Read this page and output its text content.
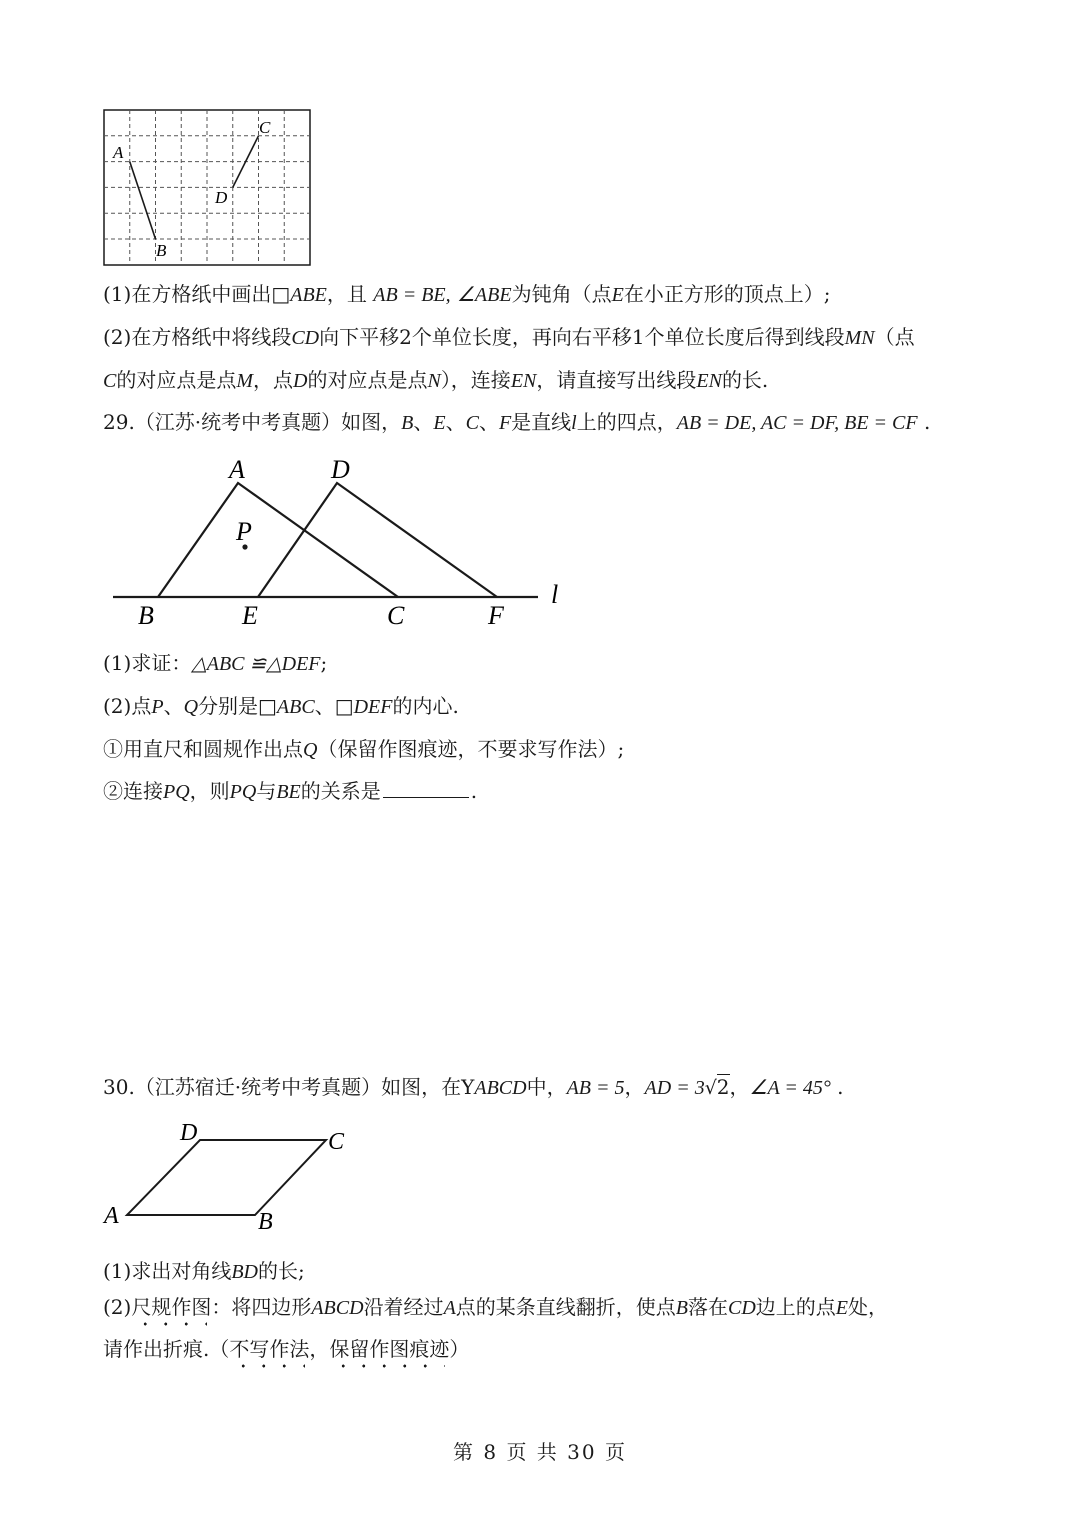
A
B
C
D
(1)在方格纸中画出□ABE，且 AB = BE, ∠ABE为钝角（点E在小正方形的顶点上）;
(2)在方格纸中将线段CD向下平移2个单位长度，再向右平移1个单位长度后得到线段MN（点
C的对应点是点M，点D的对应点是点N），连接EN，请直接写出线段EN的长.
29.（江苏·统考中考真题）如图，B、E、C、F是直线l上的四点，AB = DE, AC = DF, BE = CF .
A	D
P
B	E	C	F
l
(1)求证：△ABC ≌△DEF;
(2)点P、Q分别是□ABC、□DEF的内心.
①用直尺和圆规作出点Q（保留作图痕迹，不要求写作法）;
②连接PQ，则PQ与BE的关系是	.
30.（江苏宿迁·统考中考真题）如图，在YABCD中，AB = 5，AD = 3√2，∠A = 45° .
A	B
C
D
(1)求出对角线BD的长;
(2)尺规作图：将四边形ABCD沿着经过A点的某条直线翻折，使点B落在CD边上的点E处，
请作出折痕.（不写作法，保留作图痕迹）
第 8 页 共 30 页
